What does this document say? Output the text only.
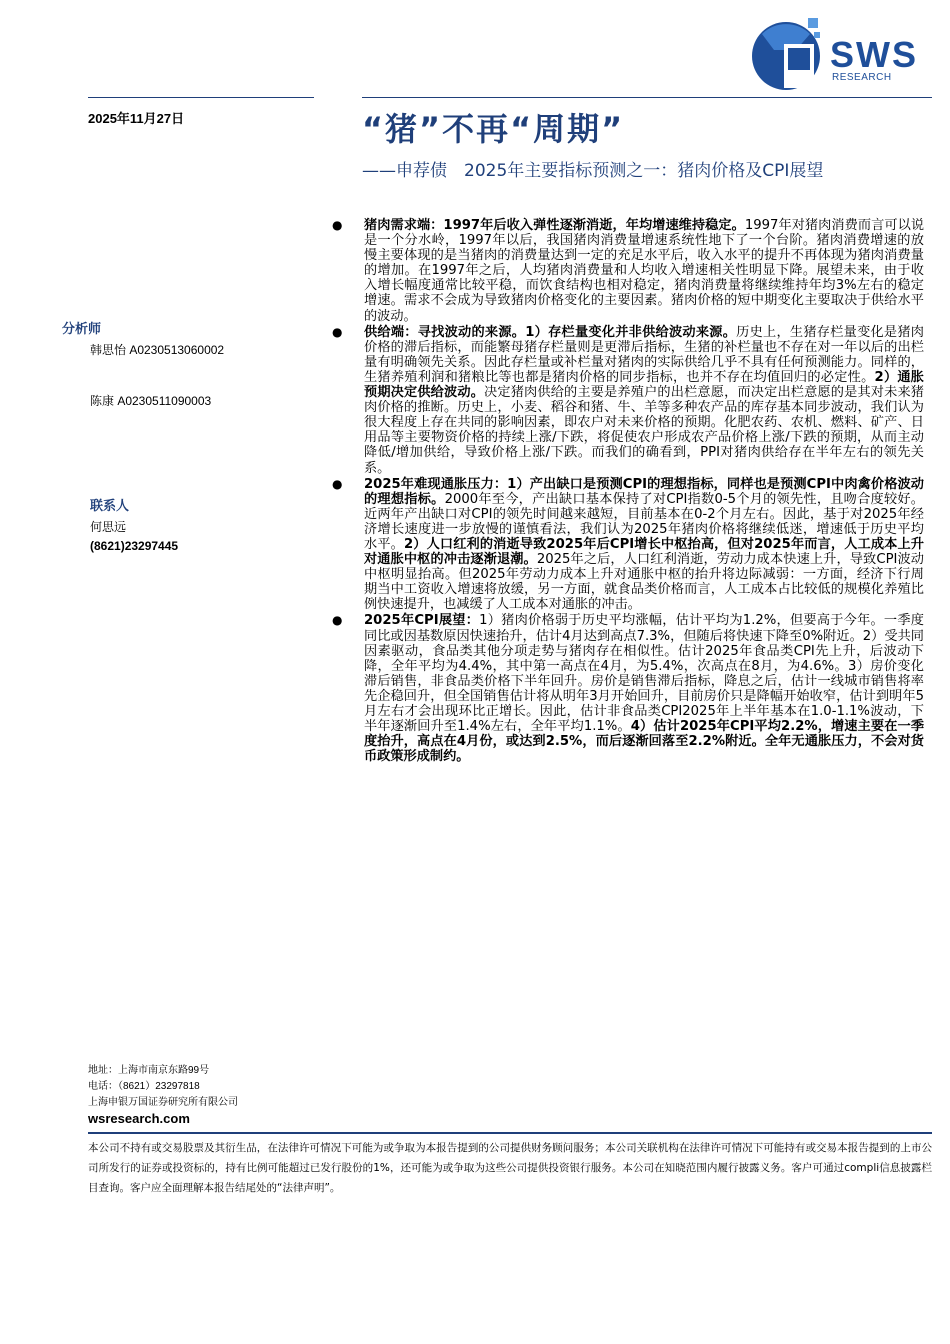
SWS
RESEARCH
2025年11月27日	“猪”不再“周期”
——申荐债　2025年主要指标预测之一：猪肉价格及CPI展望
分析师
韩思怡 A0230513060002
陈康 A0230511090003
联系人
何思远
(8621)23297445
● 猪肉需求端：1997年后收入弹性逐渐消逝，年均增速维持稳定。1997年对猪肉消费而言可以说是一个分水岭，1997年以后，我国猪肉消费量增速系统性地下了一个台阶。猪肉消费增速的放慢主要体现的是当猪肉的消费量达到一定的充足水平后，收入水平的提升不再体现为猪肉消费量的增加。在1997年之后，人均猪肉消费量和人均收入增速相关性明显下降。展望未来，由于收入增长幅度通常比较平稳，而饮食结构也相对稳定，猪肉消费量将继续维持年均3%左右的稳定增速。需求不会成为导致猪肉价格变化的主要因素。猪肉价格的短中期变化主要取决于供给水平的波动。
● 供给端：寻找波动的来源。1）存栏量变化并非供给波动来源。历史上，生猪存栏量变化是猪肉价格的滞后指标，而能繁母猪存栏量则是更滞后指标，生猪的补栏量也不存在对一年以后的出栏量有明确领先关系。因此存栏量或补栏量对猪肉的实际供给几乎不具有任何预测能力。同样的，生猪养殖利润和猪粮比等也都是猪肉价格的同步指标，也并不存在均值回归的必定性。2）通胀预期决定供给波动。决定猪肉供给的主要是养殖户的出栏意愿，而决定出栏意愿的是其对未来猪肉价格的推断。历史上，小麦、稻谷和猪、牛、羊等多种农产品的库存基本同步波动，我们认为很大程度上存在共同的影响因素，即农户对未来价格的预期。化肥农药、农机、燃料、矿产、日用品等主要物资价格的持续上涨/下跌，将促使农户形成农产品价格上涨/下跌的预期，从而主动降低/增加供给，导致价格上涨/下跌。而我们的确看到，PPI对猪肉供给存在半年左右的领先关系。
● 2025年难现通胀压力：1）产出缺口是预测CPI的理想指标，同样也是预测CPI中肉禽价格波动的理想指标。2000年至今，产出缺口基本保持了对CPI指数0-5个月的领先性，且吻合度较好。近两年产出缺口对CPI的领先时间越来越短，目前基本在0-2个月左右。因此，基于对2025年经济增长速度进一步放慢的谨慎看法，我们认为2025年猪肉价格将继续低迷，增速低于历史平均水平。2）人口红利的消逝导致2025年后CPI增长中枢抬高，但对2025年而言，人工成本上升对通胀中枢的冲击逐渐退潮。2025年之后，人口红利消逝，劳动力成本快速上升，导致CPI波动中枢明显抬高。但2025年劳动力成本上升对通胀中枢的抬升将边际减弱：一方面，经济下行周期当中工资收入增速将放缓，另一方面，就食品类价格而言，人工成本占比较低的规模化养殖比例快速提升，也减缓了人工成本对通胀的冲击。
● 2025年CPI展望：1）猪肉价格弱于历史平均涨幅，估计平均为1.2%，但要高于今年。一季度同比或因基数原因快速抬升，估计4月达到高点7.3%，但随后将快速下降至0%附近。2）受共同因素驱动，食品类其他分项走势与猪肉存在相似性。估计2025年食品类CPI先上升，后波动下降，全年平均为4.4%，其中第一高点在4月，为5.4%，次高点在8月，为4.6%。3）房价变化滞后销售，非食品类价格下半年回升。房价是销售滞后指标，降息之后，估计一线城市销售将率先企稳回升，但全国销售估计将从明年3月开始回升，目前房价只是降幅开始收窄，估计到明年5月左右才会出现环比正增长。因此，估计非食品类CPI2025年上半年基本在1.0-1.1%波动，下半年逐渐回升至1.4%左右，全年平均1.1%。4）估计2025年CPI平均2.2%，增速主要在一季度抬升，高点在4月份，或达到2.5%，而后逐渐回落至2.2%附近。全年无通胀压力，不会对货币政策形成制约。
地址：上海市南京东路99号
电话：（8621）23297818
上海申银万国证券研究所有限公司
wsresearch.com
本公司不持有或交易股票及其衍生品，在法律许可情况下可能为或争取为本报告提到的公司提供财务顾问服务；本公司关联机构在法律许可情况下可能持有或交易本报告提到的上市公司所发行的证券或投资标的，持有比例可能超过已发行股份的1%，还可能为或争取为这些公司提供投资银行服务。本公司在知晓范围内履行披露义务。客户可通过compli信息披露栏目查询。客户应全面理解本报告结尾处的“法律声明”。
